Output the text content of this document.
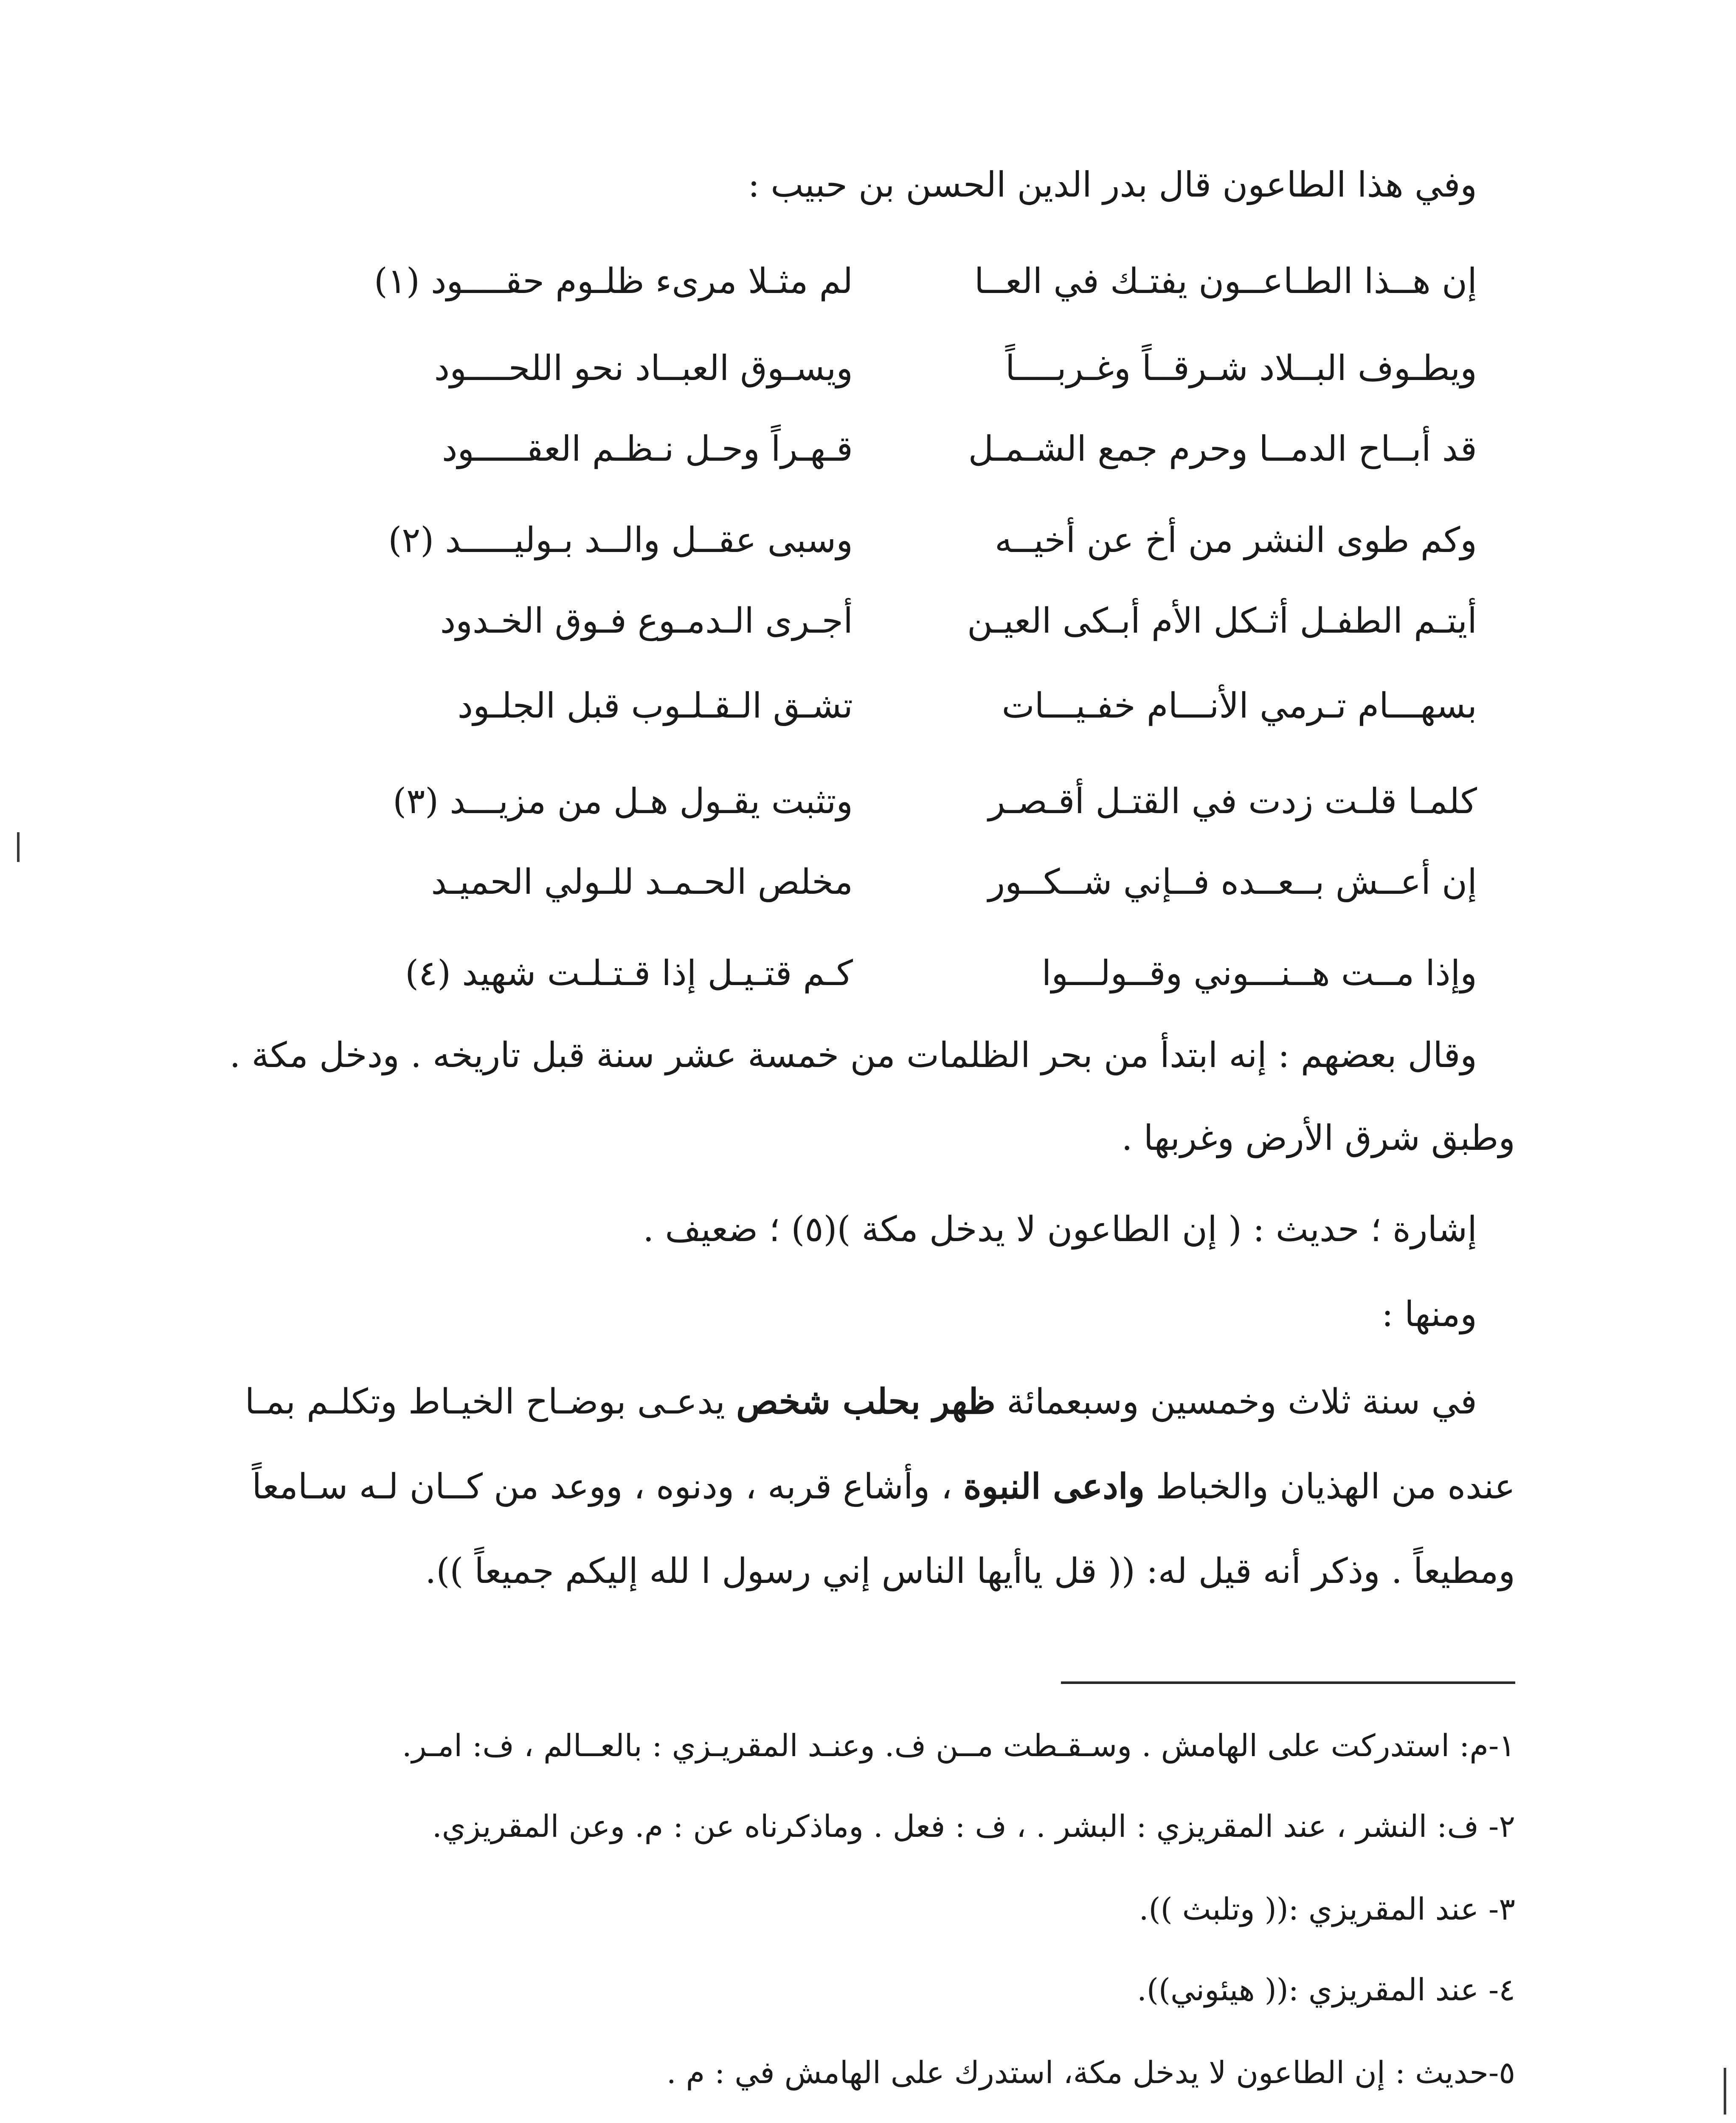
وفي هذا الطاعون قال بدر الدين الحسن بن حبيب :
إن هــذا الطـاعــون يفتـك في العــا
لم مثـلا مرىء ظلـوم حقــــود (١)
ويطـوف البــلاد شـرقــاً وغـربــــاً
ويسـوق العبــاد نحو اللحــــود
قد أبــاح الدمــا وحرم جمع الشـمـل
قـهـراً وحـل نـظـم العقـــــود
وكم طوى النشر من أخ عن أخيــه
وسبى عقــل والــد بـوليـــــد (٢)
أيتـم الطفـل أثـكل الأم أبـكى العيـن
أجـرى الـدمـوع فـوق الخـدود
بسهـــام تـرمي الأنـــام خفـيـــات
تشـق الـقـلـوب قبل الجلـود
كلمـا قلـت زدت في القتـل أقـصـر
وتثبت يقـول هـل من مزيـــد (٣)
إن أعــش بــعــده فــإني شــكــور
مخلص الحـمـد للـولي الحميـد
وإذا مــت هــنـــوني وقــولـــوا
كـم قتـيـل إذا قـتـلـت شهيد (٤)
وقال بعضهم : إنه ابتدأ من بحر الظلمات من خمسة عشر سنة قبل تاريخه . ودخل مكة .
وطبق شرق الأرض وغربها .
إشارة ؛ حديث : ( إن الطاعون لا يدخل مكة )(٥) ؛ ضعيف .
ومنها :
في سنة ثلاث وخمسين وسبعمائة ظهر بحلب شخص يدعـى بوضـاح الخيـاط وتكلـم بمـا
عنده من الهذيان والخباط وادعى النبوة ، وأشاع قربه ، ودنوه ، ووعد من كــان لـه سـامعاً
ومطيعاً . وذكر أنه قيل له: (( قل ياأيها الناس إني رسول ا لله إليكم جميعاً )).
١-م: استدركت على الهامش . وسـقـطت مــن ف. وعنـد المقريـزي : بالعــالم ، ف: امـر.
٢- ف: النشر ، عند المقريزي : البشر . ، ف : فعل . وماذكرناه عن : م. وعن المقريزي.
٣- عند المقريزي :(( وتلبث )).
٤- عند المقريزي :(( هيئوني)).
٥-حديث : إن الطاعون لا يدخل مكة، استدرك على الهامش في : م .
